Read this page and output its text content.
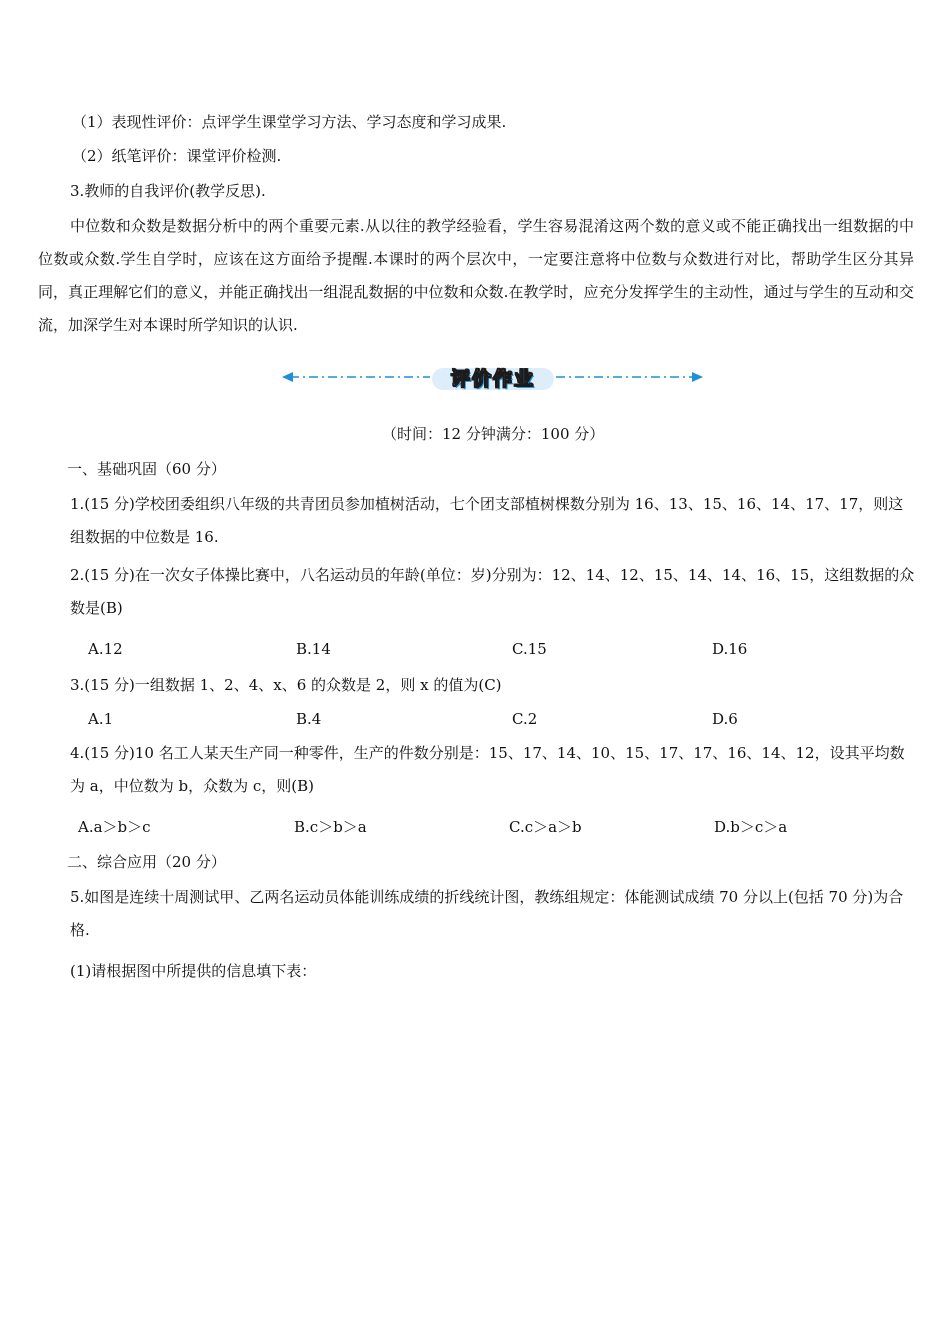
（1）表现性评价：点评学生课堂学习方法、学习态度和学习成果.
（2）纸笔评价：课堂评价检测.
3.教师的自我评价(教学反思).
中位数和众数是数据分析中的两个重要元素.从以往的教学经验看，学生容易混淆这两个数的意义或不能正确找出一组数据的中位数或众数.学生自学时，应该在这方面给予提醒.本课时的两个层次中，一定要注意将中位数与众数进行对比，帮助学生区分其异同，真正理解它们的意义，并能正确找出一组混乱数据的中位数和众数.在教学时，应充分发挥学生的主动性，通过与学生的互动和交流，加深学生对本课时所学知识的认识.
评价作业
（时间：12 分钟满分：100 分）
一、基础巩固（60 分）
1.(15 分)学校团委组织八年级的共青团员参加植树活动，七个团支部植树棵数分别为 16、13、15、16、14、17、17，则这组数据的中位数是 16.
2.(15 分)在一次女子体操比赛中，八名运动员的年龄(单位：岁)分别为：12、14、12、15、14、14、16、15，这组数据的众数是(B)
A.12	B.14	C.15	D.16
3.(15 分)一组数据 1、2、4、x、6 的众数是 2，则 x 的值为(C)
A.1	B.4	C.2	D.6
4.(15 分)10 名工人某天生产同一种零件，生产的件数分别是：15、17、14、10、15、17、17、16、14、12，设其平均数为 a，中位数为 b，众数为 c，则(B)
A.a＞b＞c	B.c＞b＞a	C.c＞a＞b	D.b＞c＞a
二、综合应用（20 分）
5.如图是连续十周测试甲、乙两名运动员体能训练成绩的折线统计图，教练组规定：体能测试成绩 70 分以上(包括 70 分)为合格.
(1)请根据图中所提供的信息填下表：
